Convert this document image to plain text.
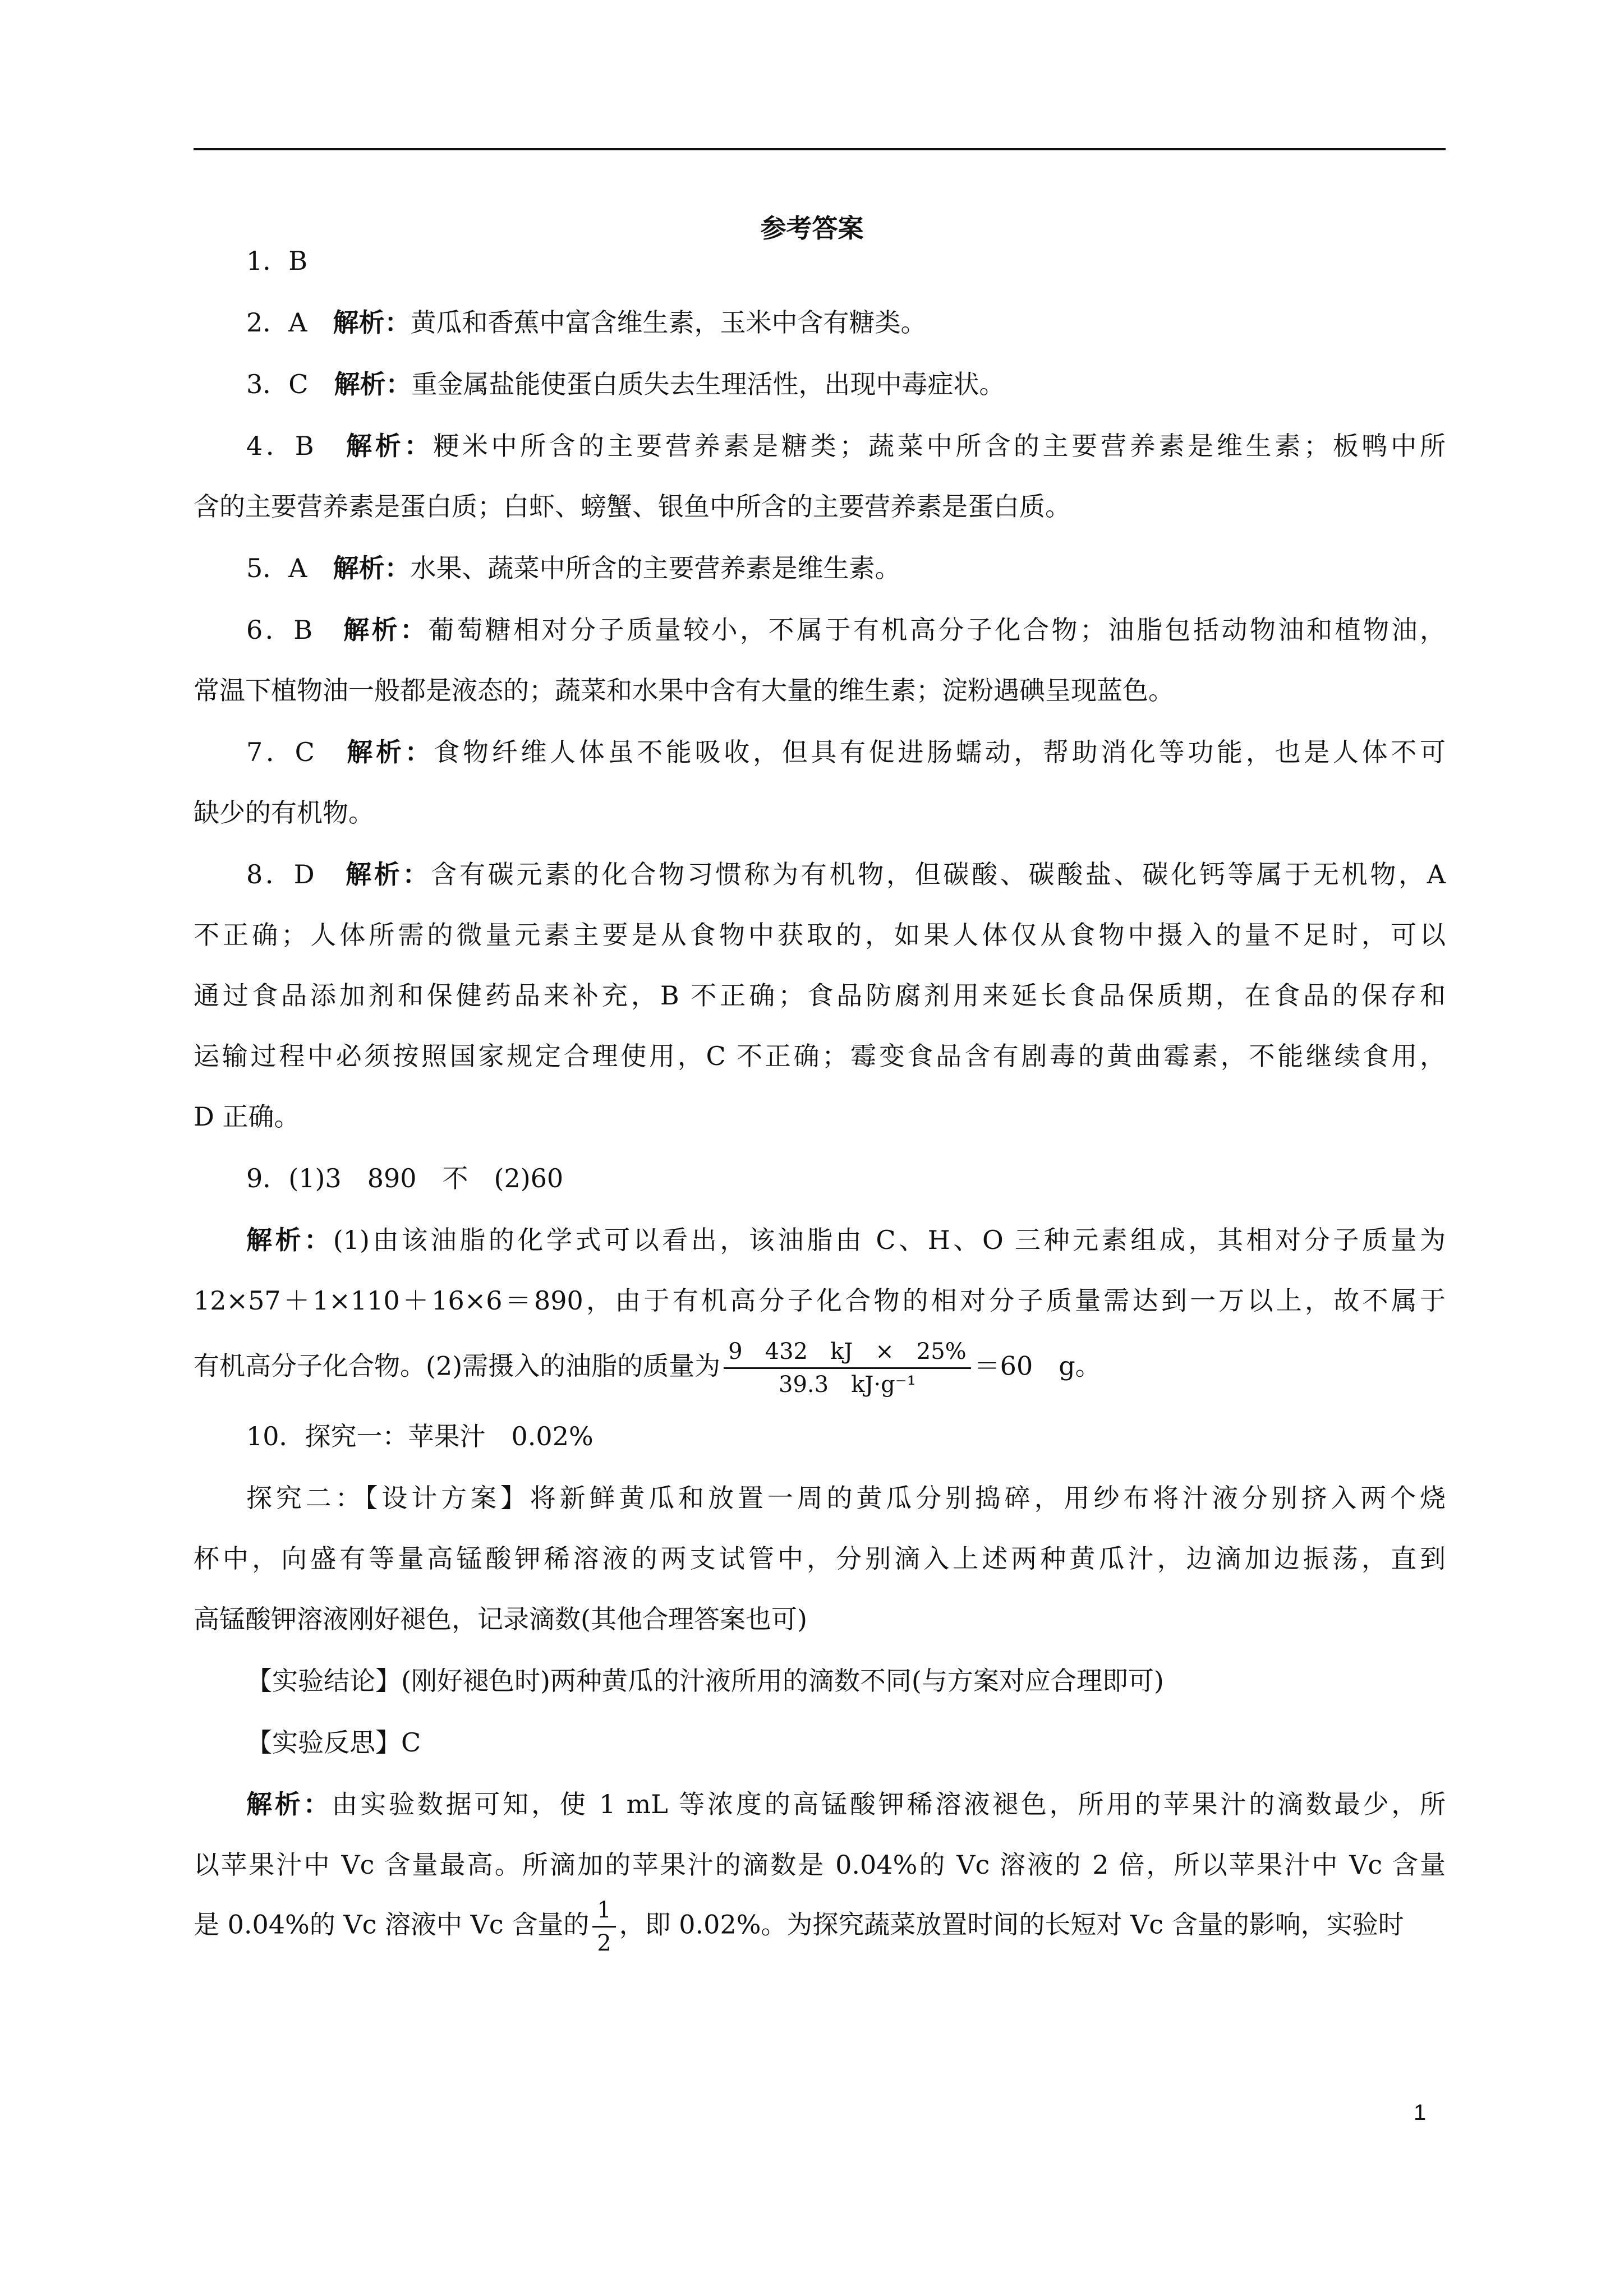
参考答案
1．B
2．A　解析：黄瓜和香蕉中富含维生素，玉米中含有糖类。
3．C　解析：重金属盐能使蛋白质失去生理活性，出现中毒症状。
4．B　解析：粳米中所含的主要营养素是糖类；蔬菜中所含的主要营养素是维生素；板鸭中所
含的主要营养素是蛋白质；白虾、螃蟹、银鱼中所含的主要营养素是蛋白质。
5．A　解析：水果、蔬菜中所含的主要营养素是维生素。
6．B　解析：葡萄糖相对分子质量较小，不属于有机高分子化合物；油脂包括动物油和植物油，
常温下植物油一般都是液态的；蔬菜和水果中含有大量的维生素；淀粉遇碘呈现蓝色。
7．C　解析：食物纤维人体虽不能吸收，但具有促进肠蠕动，帮助消化等功能，也是人体不可
缺少的有机物。
8．D　解析：含有碳元素的化合物习惯称为有机物，但碳酸、碳酸盐、碳化钙等属于无机物，A
不正确；人体所需的微量元素主要是从食物中获取的，如果人体仅从食物中摄入的量不足时，可以
通过食品添加剂和保健药品来补充，B 不正确；食品防腐剂用来延长食品保质期，在食品的保存和
运输过程中必须按照国家规定合理使用，C 不正确；霉变食品含有剧毒的黄曲霉素，不能继续食用，
D 正确。
9．(1)3　890　不　(2)60
解析：(1)由该油脂的化学式可以看出，该油脂由 C、H、O 三种元素组成，其相对分子质量为
12×57＋1×110＋16×6＝890，由于有机高分子化合物的相对分子质量需达到一万以上，故不属于
有机高分子化合物。(2)需摄入的油脂的质量为 $\frac{9 432 kJ \times 25\%}{\text{39.3　kJ·g⁻¹}} =60$　g。
10．探究一：苹果汁　0.02%
探究二：【设计方案】将新鲜黄瓜和放置一周的黄瓜分别捣碎，用纱布将汁液分别挤入两个烧
杯中，向盛有等量高锰酸钾稀溶液的两支试管中，分别滴入上述两种黄瓜汁，边滴加边振荡，直到
高锰酸钾溶液刚好褪色，记录滴数(其他合理答案也可)
【实验结论】(刚好褪色时)两种黄瓜的汁液所用的滴数不同(与方案对应合理即可)
【实验反思】C
解析：由实验数据可知，使 1 mL 等浓度的高锰酸钾稀溶液褪色，所用的苹果汁的滴数最少，所
以苹果汁中 Vc 含量最高。所滴加的苹果汁的滴数是 0.04%的 Vc 溶液的 2 倍，所以苹果汁中 Vc 含量
是 0.04%的 Vc 溶液中 Vc 含量的 $\frac{1}{2}$ ，即 0.02%。为探究蔬菜放置时间的长短对 Vc 含量的影响，实验时
1
